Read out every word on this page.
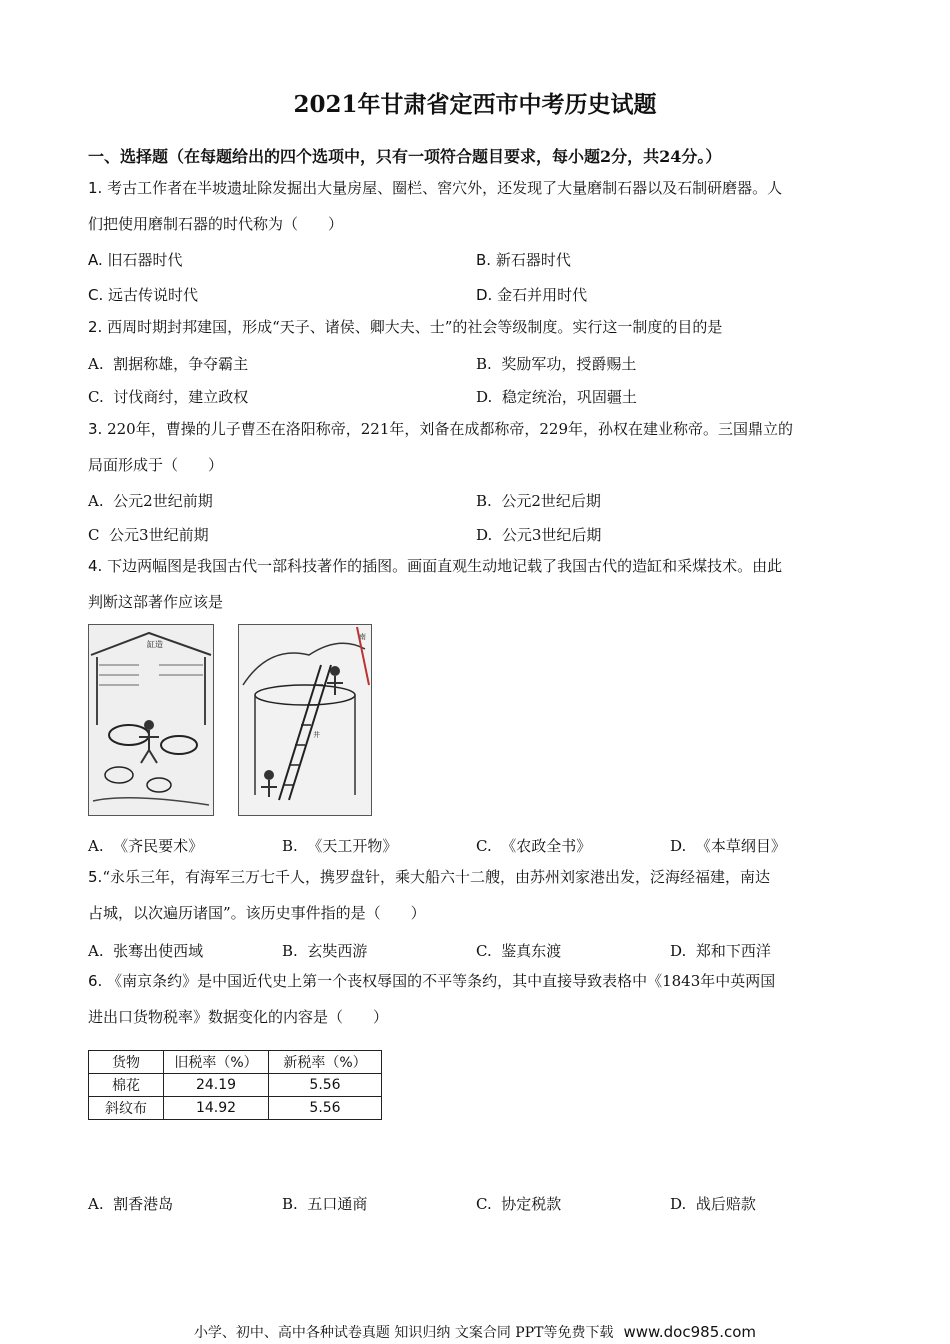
2021年甘肃省定西市中考历史试题
一、选择题（在每题给出的四个选项中，只有一项符合题目要求，每小题2分，共24分。）
1. 考古工作者在半坡遗址除发掘出大量房屋、圈栏、窖穴外，还发现了大量磨制石器以及石制研磨器。人
们把使用磨制石器的时代称为（　　）
A. 旧石器时代	B. 新石器时代
C. 远古传说时代	D. 金石并用时代
2. 西周时期封邦建国，形成“天子、诸侯、卿大夫、士”的社会等级制度。实行这一制度的目的是
A. 割据称雄，争夺霸主	B. 奖励军功，授爵赐土
C. 讨伐商纣，建立政权	D. 稳定统治，巩固疆土
3. 220年，曹操的儿子曹丕在洛阳称帝，221年，刘备在成都称帝，229年，孙权在建业称帝。三国鼎立的
局面形成于（　　）
A. 公元2世纪前期	B. 公元2世纪后期
C 公元3世纪前期	D. 公元3世纪后期
4. 下边两幅图是我国古代一部科技著作的插图。画面直观生动地记载了我国古代的造缸和采煤技术。由此
判断这部著作应该是
缸造
井
南
A. 《齐民要术》	B. 《天工开物》	C. 《农政全书》	D. 《本草纲目》
5.“永乐三年，有海军三万七千人，携罗盘针，乘大船六十二艘，由苏州刘家港出发，泛海经福建，南达
占城，以次遍历诸国”。该历史事件指的是（　　）
A. 张骞出使西域	B. 玄奘西游	C. 鉴真东渡	D. 郑和下西洋
6. 《南京条约》是中国近代史上第一个丧权辱国的不平等条约，其中直接导致表格中《1843年中英两国
进出口货物税率》数据变化的内容是（　　）
货物	旧税率（%）	新税率（%）
棉花	24.19	5.56
斜纹布	14.92	5.56
A. 割香港岛	B. 五口通商	C. 协定税款	D. 战后赔款
小学、初中、高中各种试卷真题 知识归纳 文案合同 PPT等免费下载 www.doc985.com
